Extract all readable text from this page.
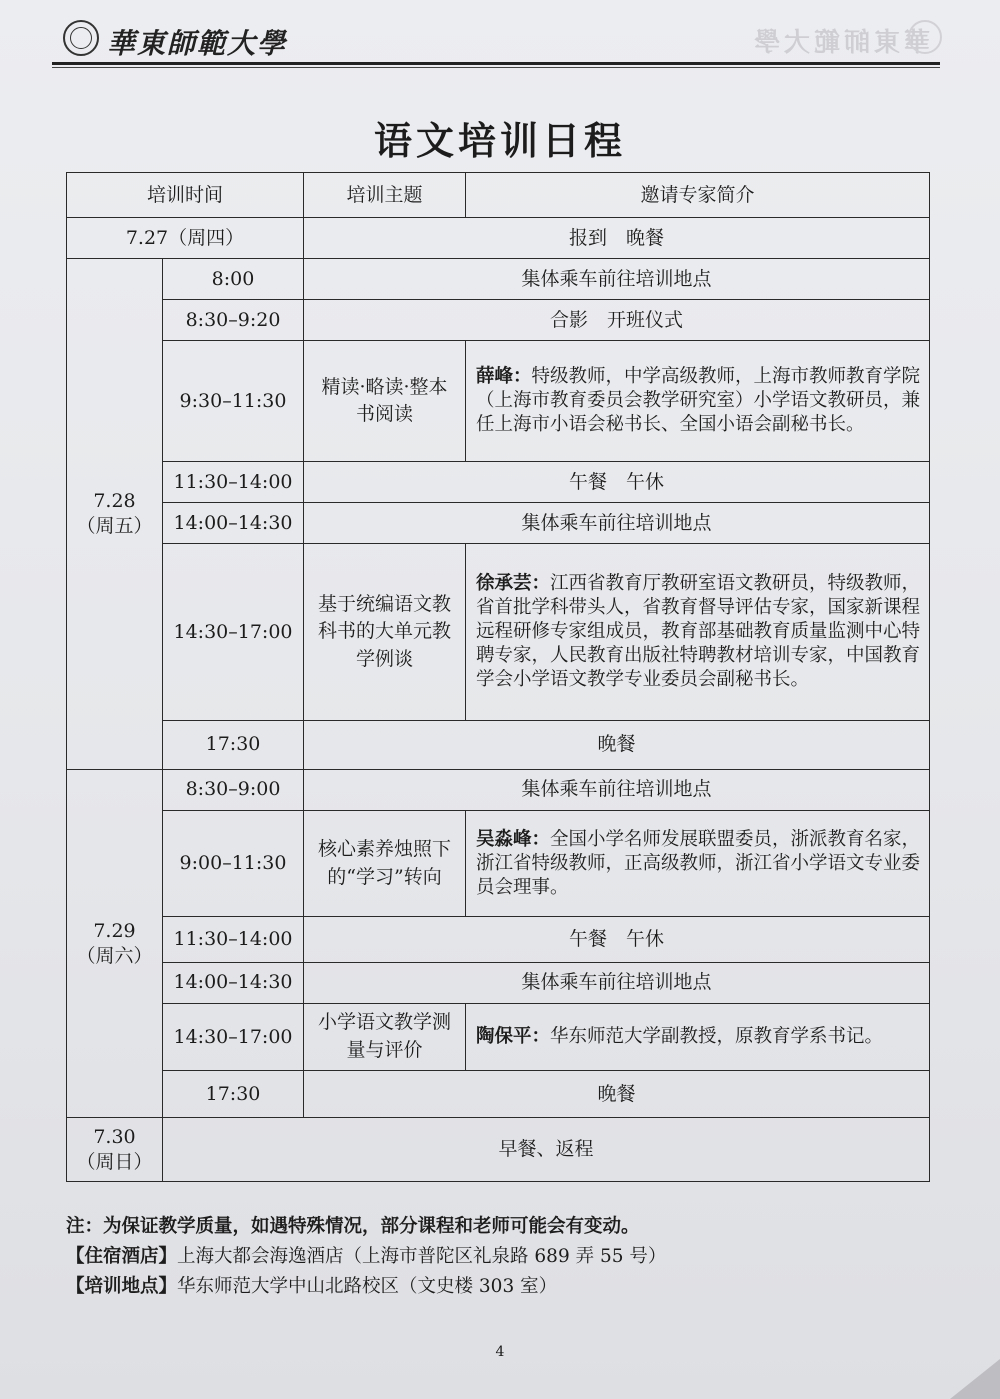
華東師範大學	華東師範大學
语文培训日程
培训时间		培训主题	邀请专家简介
7.27（周四）		报到　晚餐	

7.28
（周五）	8:00	集体乘车前往培训地点	
	8:30–9:20	合影　开班仪式	
	9:30–11:30	精读·略读·整本书阅读	薛峰：特级教师，中学高级教师，上海市教师教育学院（上海市教育委员会教学研究室）小学语文教研员，兼任上海市小语会秘书长、全国小语会副秘书长。
	11:30–14:00	午餐　午休	
	14:00–14:30	集体乘车前往培训地点	
	14:30–17:00	基于统编语文教科书的大单元教学例谈	徐承芸：江西省教育厅教研室语文教研员，特级教师，省首批学科带头人，省教育督导评估专家，国家新课程远程研修专家组成员，教育部基础教育质量监测中心特聘专家，人民教育出版社特聘教材培训专家，中国教育学会小学语文教学专业委员会副秘书长。
	17:30	晚餐	

7.29
（周六）	8:30–9:00	集体乘车前往培训地点	
	9:00–11:30	核心素养烛照下的“学习”转向	吴淼峰：全国小学名师发展联盟委员，浙派教育名家，浙江省特级教师，正高级教师，浙江省小学语文专业委员会理事。
	11:30–14:00	午餐　午休	
	14:00–14:30	集体乘车前往培训地点	
	14:30–17:00	小学语文教学测量与评价	陶保平：华东师范大学副教授，原教育学系书记。
	17:30	晚餐	

7.30
（周日）	早餐、返程		
注：为保证教学质量，如遇特殊情况，部分课程和老师可能会有变动。
【住宿酒店】上海大都会海逸酒店（上海市普陀区礼泉路 689 弄 55 号）
【培训地点】华东师范大学中山北路校区（文史楼 303 室）
4
